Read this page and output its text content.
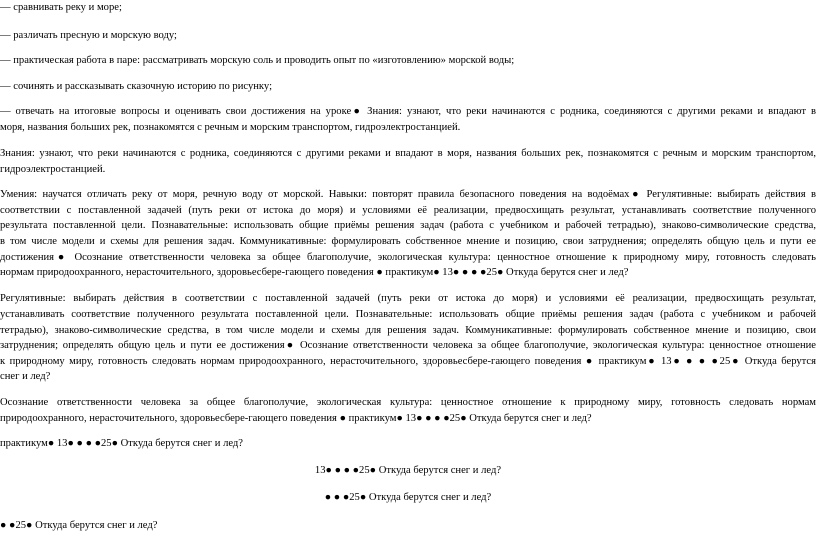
— сравнивать реку и море;

— различать пресную и морскую воду;

— практическая работа в паре: рассматривать морскую соль и проводить опыт по «изготовлению» морской воды;

— сочинять и рассказывать сказочную историю по рисунку;

— отвечать на итоговые вопросы и оценивать свои достижения на уроке● Знания: узнают, что реки начинаются с родника, соединяются с другими реками и впадают в

моря, названия больших рек, познакомятся с речным и морским транспортом, гидроэлектростанцией.

Знания: узнают, что реки начинаются с родника, соединяются с другими реками и впадают в моря, названия больших рек, познакомятся с речным и морским транспортом,

гидроэлектростанцией.

Умения: научатся отличать реку от моря, речную воду от морской. Навыки: повторят правила безопасного поведения на водоёмах● Регулятивные: выбирать действия в

соответствии с поставленной задачей (путь реки от истока до моря) и условиями её реализации, предвосхищать результат, устанавливать соответствие полученного

результата поставленной цели. Познавательные: использовать общие приёмы решения задач (работа с учебником и рабочей тетрадью), знаково-символические средства,

в том числе модели и схемы для решения задач. Коммуникативные: формулировать собственное мнение и позицию, свои затруднения; определять общую цель и пути ее

достижения● Осознание ответственности человека за общее благополучие, экологическая культура: ценностное отношение к природному миру, готовность следовать

нормам природоохранного, нерасточительного, здоровьесбере-гающего поведения ● практикум● 13● ● ● ●25● Откуда берутся снег и лед?

Регулятивные: выбирать действия в соответствии с поставленной задачей (путь реки от истока до моря) и условиями её реализации, предвосхищать результат,

устанавливать соответствие полученного результата поставленной цели. Познавательные: использовать общие приёмы решения задач (работа с учебником и рабочей

тетрадью), знаково-символические средства, в том числе модели и схемы для решения задач. Коммуникативные: формулировать собственное мнение и позицию, свои

затруднения; определять общую цель и пути ее достижения● Осознание ответственности человека за общее благополучие, экологическая культура: ценностное отношение

к природному миру, готовность следовать нормам природоохранного, нерасточительного, здоровьесбере-гающего поведения ● практикум● 13● ● ● ●25● Откуда берутся

снег и лед?

Осознание ответственности человека за общее благополучие, экологическая культура: ценностное отношение к природному миру, готовность следовать нормам

природоохранного, нерасточительного, здоровьесбере-гающего поведения ● практикум● 13● ● ● ●25● Откуда берутся снег и лед?

практикум● 13● ● ● ●25● Откуда берутся снег и лед?

13● ● ● ●25● Откуда берутся снег и лед?

● ● ●25● Откуда берутся снег и лед?

● ●25● Откуда берутся снег и лед?
